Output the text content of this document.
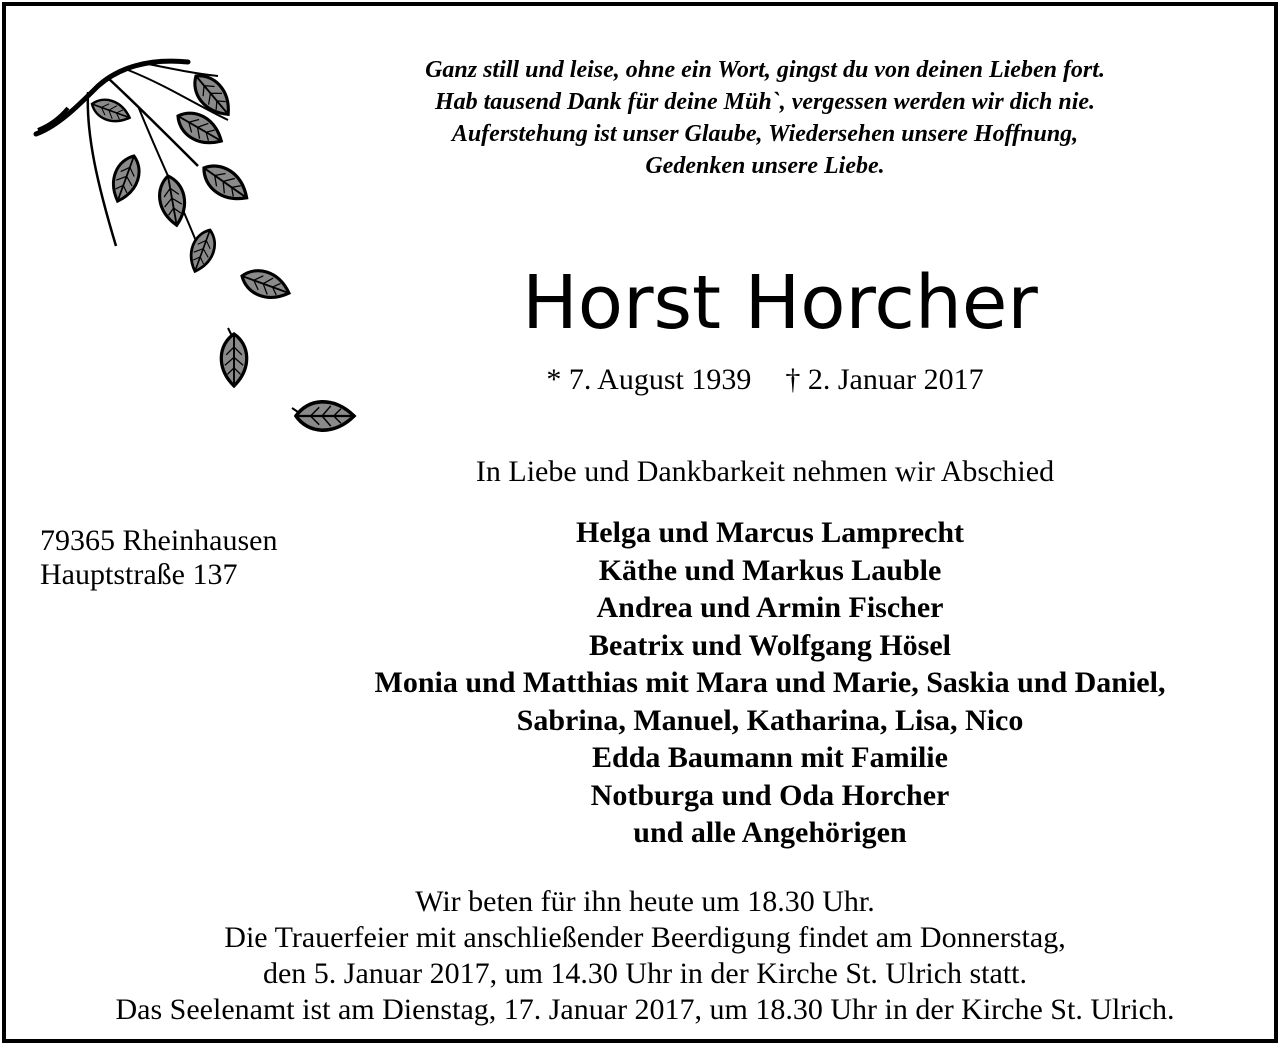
Ganz still und leise, ohne ein Wort, gingst du von deinen Lieben fort.
Hab tausend Dank für deine Müh`, vergessen werden wir dich nie.
Auferstehung ist unser Glaube, Wiedersehen unsere Hoffnung,
Gedenken unsere Liebe.
Horst Horcher
* 7. August 1939 † 2. Januar 2017
In Liebe und Dankbarkeit nehmen wir Abschied
79365 Rheinhausen
Hauptstraße 137
Helga und Marcus Lamprecht
Käthe und Markus Lauble
Andrea und Armin Fischer
Beatrix und Wolfgang Hösel
Monia und Matthias mit Mara und Marie, Saskia und Daniel,
Sabrina, Manuel, Katharina, Lisa, Nico
Edda Baumann mit Familie
Notburga und Oda Horcher
und alle Angehörigen
Wir beten für ihn heute um 18.30 Uhr.
Die Trauerfeier mit anschließender Beerdigung findet am Donnerstag,
den 5. Januar 2017, um 14.30 Uhr in der Kirche St. Ulrich statt.
Das Seelenamt ist am Dienstag, 17. Januar 2017, um 18.30 Uhr in der Kirche St. Ulrich.
